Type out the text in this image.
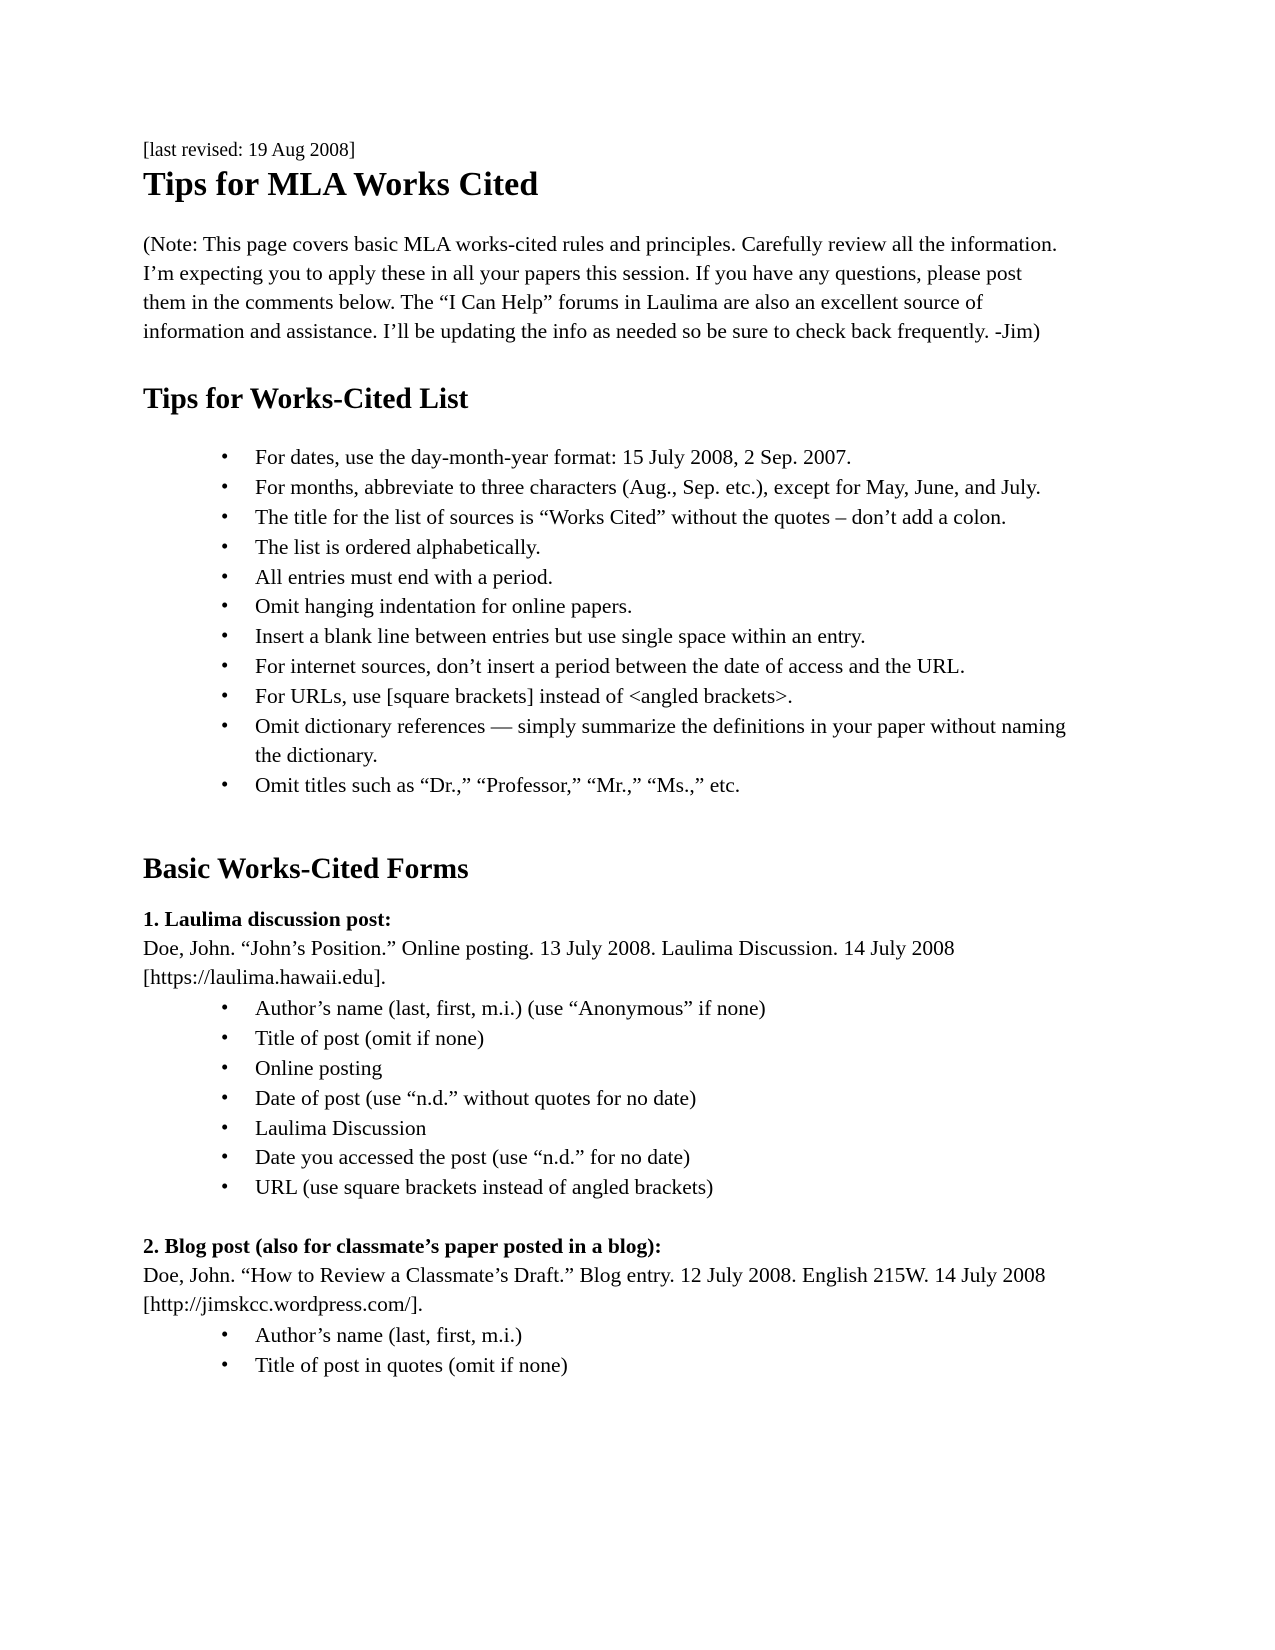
[last revised: 19 Aug 2008]
Tips for MLA Works Cited

(Note: This page covers basic MLA works-cited rules and principles. Carefully review all the information. I’m expecting you to apply these in all your papers this session. If you have any questions, please post them in the comments below. The “I Can Help” forums in Laulima are also an excellent source of information and assistance. I’ll be updating the info as needed so be sure to check back frequently. -Jim)

Tips for Works-Cited List
• For dates, use the day-month-year format: 15 July 2008, 2 Sep. 2007.
• For months, abbreviate to three characters (Aug., Sep. etc.), except for May, June, and July.
• The title for the list of sources is “Works Cited” without the quotes – don’t add a colon.
• The list is ordered alphabetically.
• All entries must end with a period.
• Omit hanging indentation for online papers.
• Insert a blank line between entries but use single space within an entry.
• For internet sources, don’t insert a period between the date of access and the URL.
• For URLs, use [square brackets] instead of <angled brackets>.
• Omit dictionary references — simply summarize the definitions in your paper without naming the dictionary.
• Omit titles such as “Dr.,” “Professor,” “Mr.,” “Ms.,” etc.
Basic Works-Cited Forms
1. Laulima discussion post:
Doe, John. “John’s Position.” Online posting. 13 July 2008. Laulima Discussion. 14 July 2008 [https://laulima.hawaii.edu].
• Author’s name (last, first, m.i.) (use “Anonymous” if none)
• Title of post (omit if none)
• Online posting
• Date of post (use “n.d.” without quotes for no date)
• Laulima Discussion
• Date you accessed the post (use “n.d.” for no date)
• URL (use square brackets instead of angled brackets)
2. Blog post (also for classmate’s paper posted in a blog):
Doe, John. “How to Review a Classmate’s Draft.” Blog entry. 12 July 2008. English 215W. 14 July 2008 [http://jimskcc.wordpress.com/].
• Author’s name (last, first, m.i.)
• Title of post in quotes (omit if none)
